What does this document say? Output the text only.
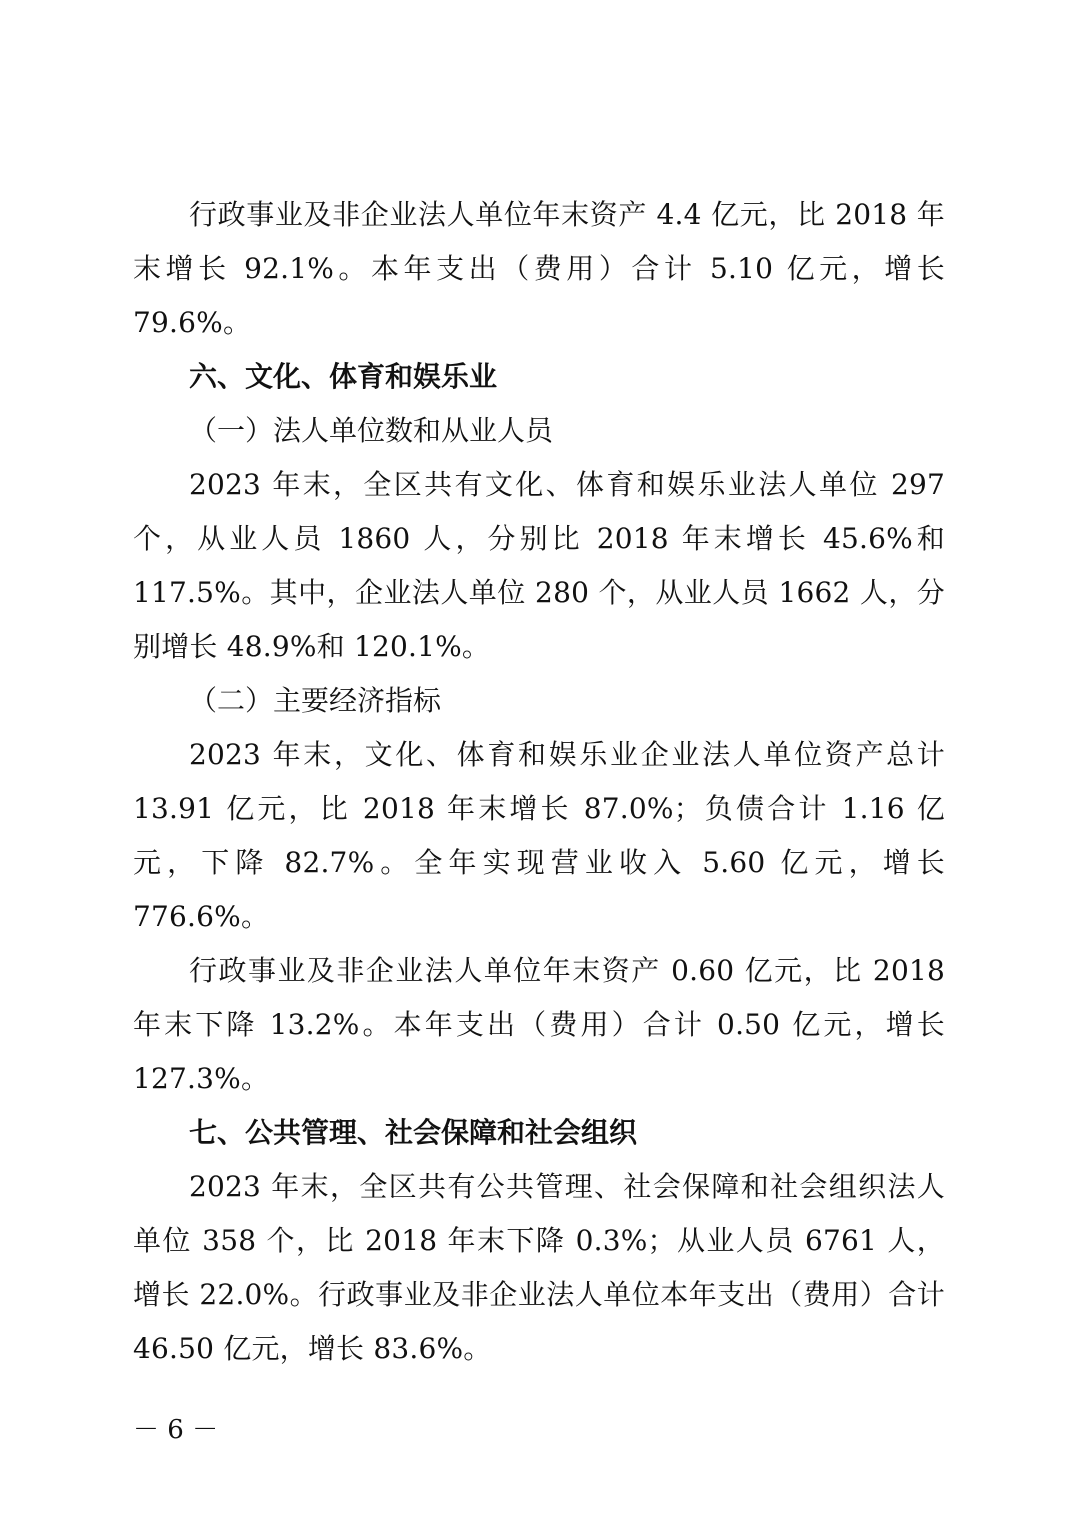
行政事业及非企业法人单位年末资产 4.4 亿元，比 2018 年末增长 92.1%。本年支出（费用）合计 5.10 亿元，增长 79.6%。

六、文化、体育和娱乐业

（一）法人单位数和从业人员

2023 年末，全区共有文化、体育和娱乐业法人单位 297 个，从业人员 1860 人，分别比 2018 年末增长 45.6%和 117.5%。其中，企业法人单位 280 个，从业人员 1662 人，分别增长 48.9%和 120.1%。

（二）主要经济指标

2023 年末，文化、体育和娱乐业企业法人单位资产总计 13.91 亿元，比 2018 年末增长 87.0%；负债合计 1.16 亿元，下降 82.7%。全年实现营业收入 5.60 亿元，增长 776.6%。

行政事业及非企业法人单位年末资产 0.60 亿元，比 2018 年末下降 13.2%。本年支出（费用）合计 0.50 亿元，增长 127.3%。

七、公共管理、社会保障和社会组织

2023 年末，全区共有公共管理、社会保障和社会组织法人单位 358 个，比 2018 年末下降 0.3%；从业人员 6761 人，增长 22.0%。行政事业及非企业法人单位本年支出（费用）合计 46.50 亿元，增长 83.6%。

－ 6 －
